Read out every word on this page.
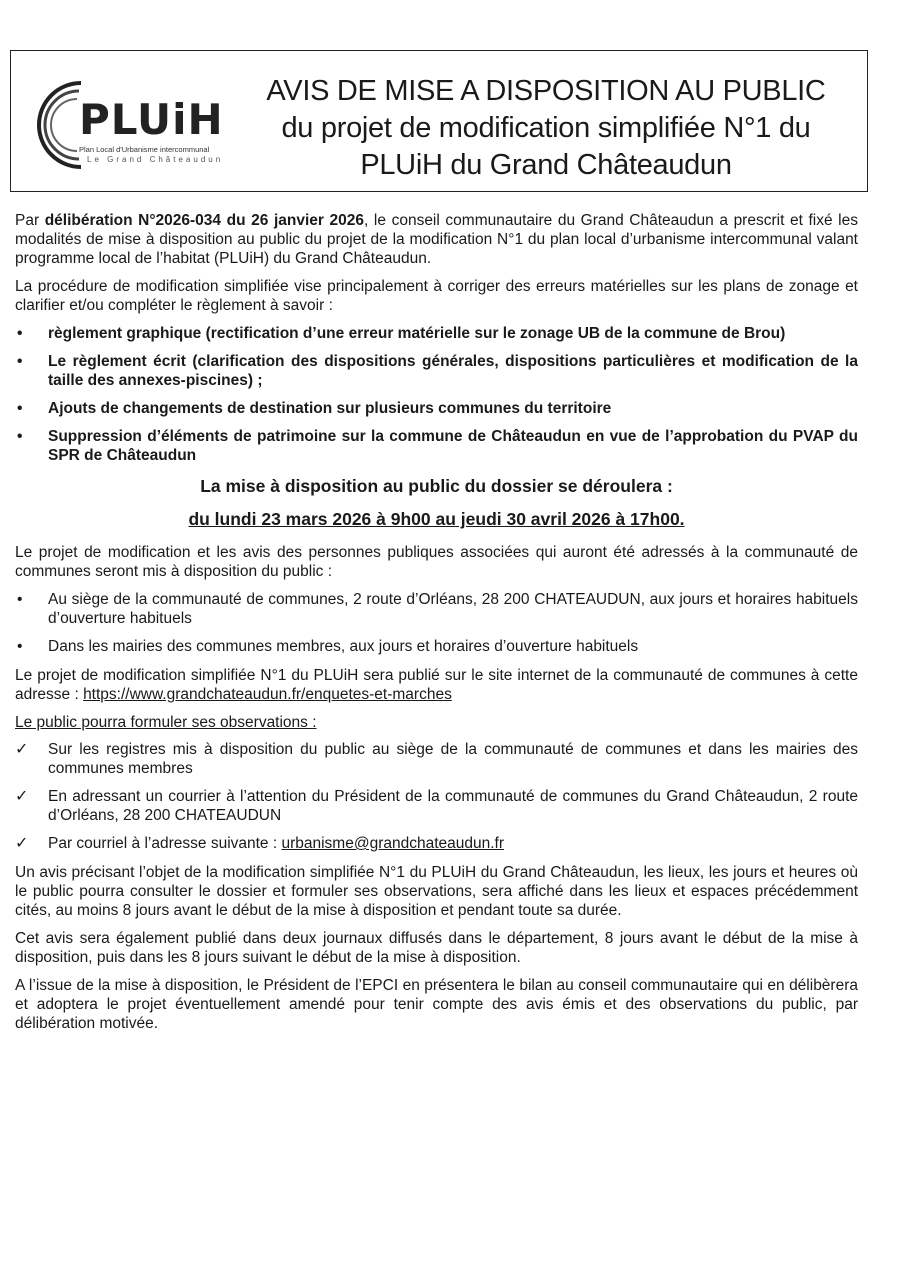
PLUiH
Plan Local d'Urbanisme intercommunal
Le Grand Châteaudun
AVIS DE MISE A DISPOSITION AU PUBLIC
du projet de modification simplifiée N°1 du
PLUiH du Grand Châteaudun

Par délibération N°2026-034 du 26 janvier 2026, le conseil communautaire du Grand Châteaudun a prescrit et fixé les modalités de mise à disposition au public du projet de la modification N°1 du plan local d’urbanisme intercommunal valant programme local de l’habitat (PLUiH) du Grand Châteaudun.

La procédure de modification simplifiée vise principalement à corriger des erreurs matérielles sur les plans de zonage et clarifier et/ou compléter le règlement à savoir :

• règlement graphique (rectification d’une erreur matérielle sur le zonage UB de la commune de Brou)
• Le règlement écrit (clarification des dispositions générales, dispositions particulières et modification de la taille des annexes-piscines) ;
• Ajouts de changements de destination sur plusieurs communes du territoire
• Suppression d’éléments de patrimoine sur la commune de Châteaudun en vue de l’approbation du PVAP du SPR de Châteaudun
La mise à disposition au public du dossier se déroulera :
du lundi 23 mars 2026 à 9h00 au jeudi 30 avril 2026 à 17h00.

Le projet de modification et les avis des personnes publiques associées qui auront été adressés à la communauté de communes seront mis à disposition du public :

• Au siège de la communauté de communes, 2 route d’Orléans, 28 200 CHATEAUDUN, aux jours et horaires habituels d’ouverture habituels
• Dans les mairies des communes membres, aux jours et horaires d’ouverture habituels

Le projet de modification simplifiée N°1 du PLUiH sera publié sur le site internet de la communauté de communes à cette adresse : https://www.grandchateaudun.fr/enquetes-et-marches

Le public pourra formuler ses observations :

✓ Sur les registres mis à disposition du public au siège de la communauté de communes et dans les mairies des communes membres
✓ En adressant un courrier à l’attention du Président de la communauté de communes du Grand Châteaudun, 2 route d’Orléans, 28 200 CHATEAUDUN
✓ Par courriel à l’adresse suivante : urbanisme@grandchateaudun.fr

Un avis précisant l’objet de la modification simplifiée N°1 du PLUiH du Grand Châteaudun, les lieux, les jours et heures où le public pourra consulter le dossier et formuler ses observations, sera affiché dans les lieux et espaces précédemment cités, au moins 8 jours avant le début de la mise à disposition et pendant toute sa durée.

Cet avis sera également publié dans deux journaux diffusés dans le département, 8 jours avant le début de la mise à disposition, puis dans les 8 jours suivant le début de la mise à disposition.

A l’issue de la mise à disposition, le Président de l’EPCI en présentera le bilan au conseil communautaire qui en délibèrera et adoptera le projet éventuellement amendé pour tenir compte des avis émis et des observations du public, par délibération motivée.
